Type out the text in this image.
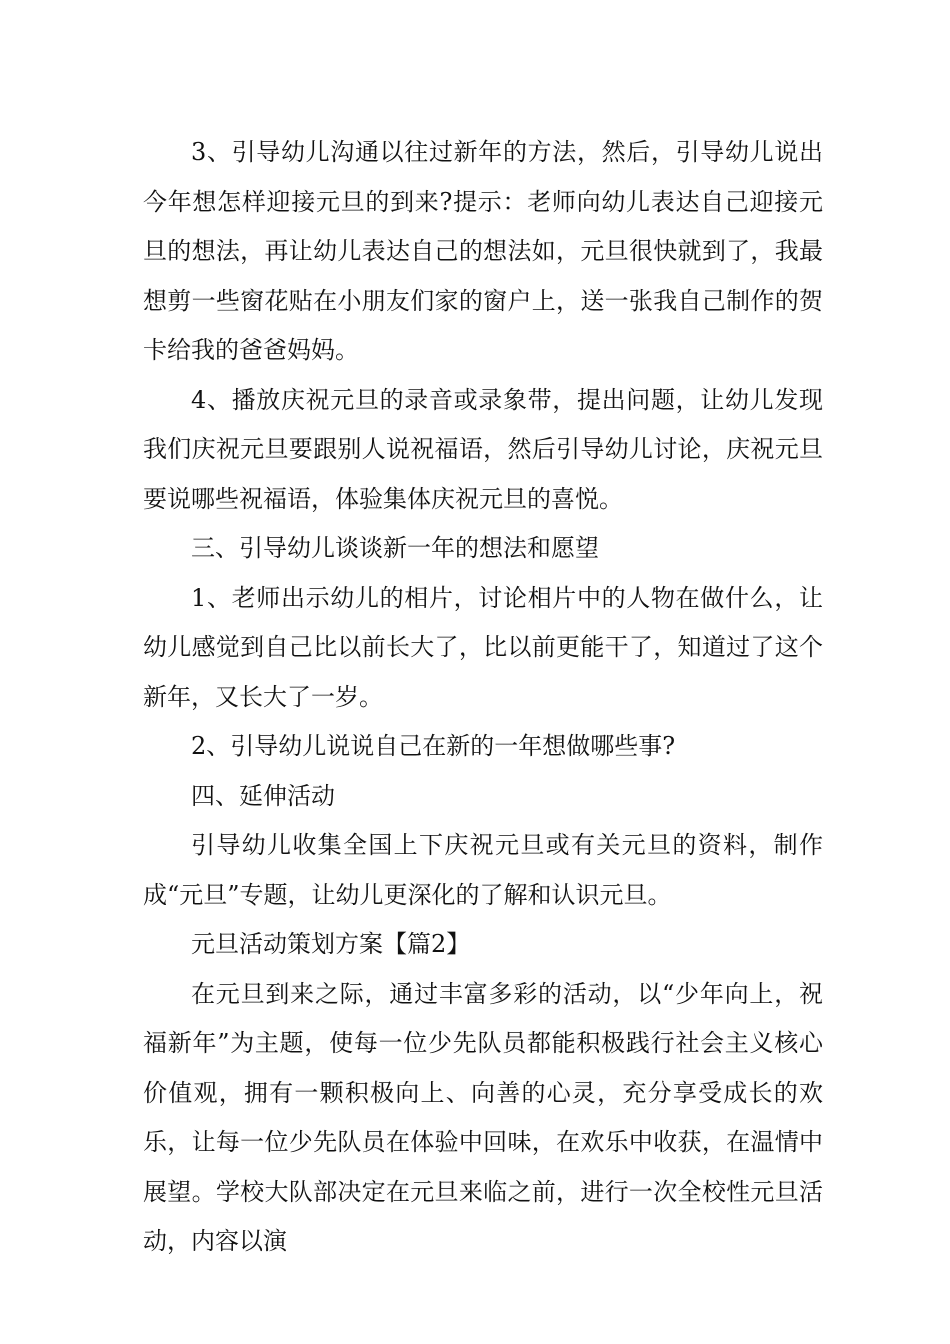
3、引导幼儿沟通以往过新年的方法，然后，引导幼儿说出今年想怎样迎接元旦的到来?提示：老师向幼儿表达自己迎接元旦的想法，再让幼儿表达自己的想法如，元旦很快就到了，我最想剪一些窗花贴在小朋友们家的窗户上，送一张我自己制作的贺卡给我的爸爸妈妈。

4、播放庆祝元旦的录音或录象带，提出问题，让幼儿发现我们庆祝元旦要跟别人说祝福语，然后引导幼儿讨论，庆祝元旦要说哪些祝福语，体验集体庆祝元旦的喜悦。

三、引导幼儿谈谈新一年的想法和愿望

1、老师出示幼儿的相片，讨论相片中的人物在做什么，让幼儿感觉到自己比以前长大了，比以前更能干了，知道过了这个新年，又长大了一岁。

2、引导幼儿说说自己在新的一年想做哪些事?

四、延伸活动

引导幼儿收集全国上下庆祝元旦或有关元旦的资料，制作成“元旦”专题，让幼儿更深化的了解和认识元旦。

元旦活动策划方案【篇2】

在元旦到来之际，通过丰富多彩的活动，以“少年向上，祝福新年”为主题，使每一位少先队员都能积极践行社会主义核心价值观，拥有一颗积极向上、向善的心灵，充分享受成长的欢乐，让每一位少先队员在体验中回味，在欢乐中收获，在温情中展望。学校大队部决定在元旦来临之前，进行一次全校性元旦活动，内容以演
